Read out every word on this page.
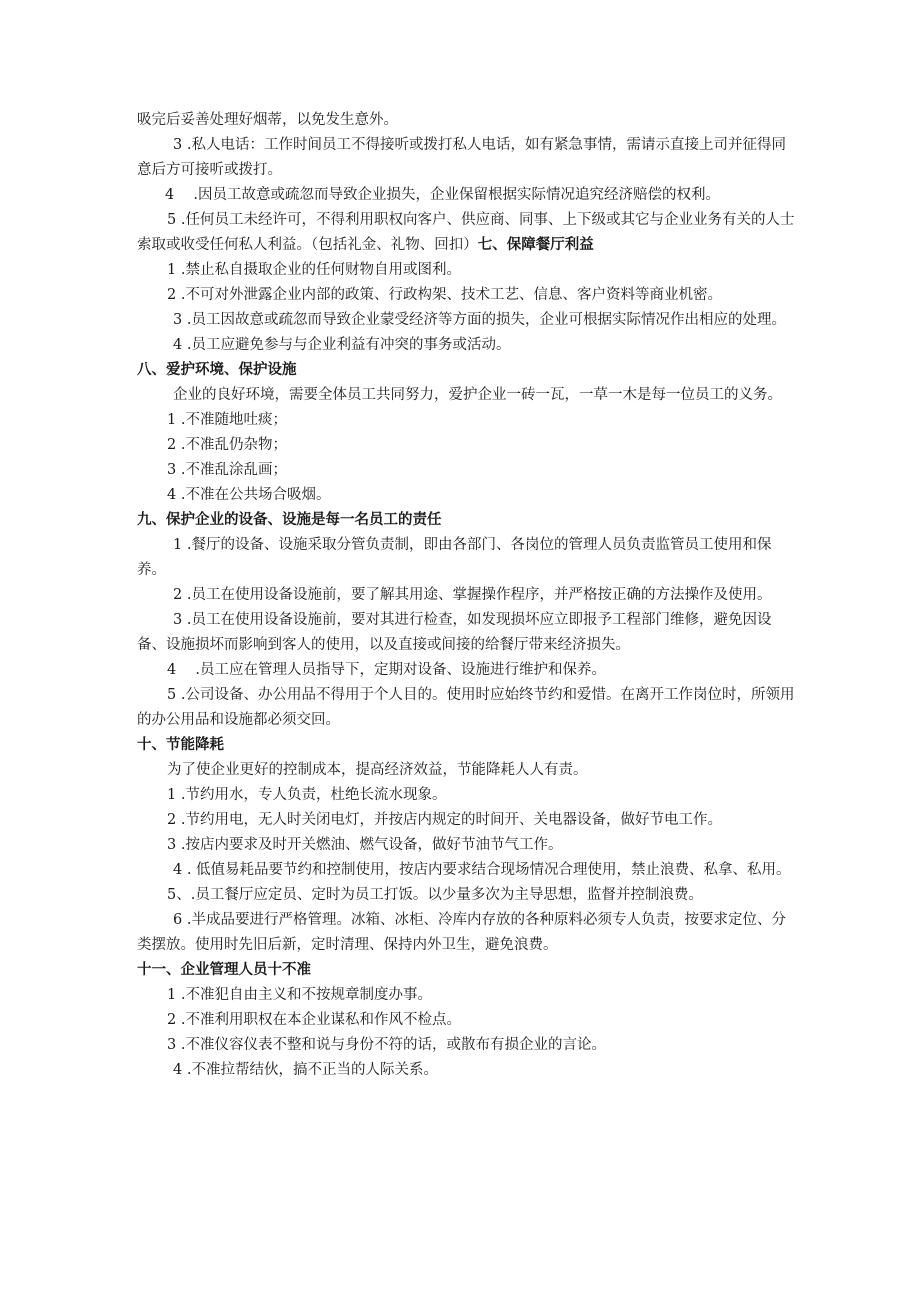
吸完后妥善处理好烟蒂，以免发生意外。

3 .私人电话：工作时间员工不得接听或拨打私人电话，如有紧急事情，需请示直接上司并征得同意后方可接听或拨打。

4 　.因员工故意或疏忽而导致企业损失，企业保留根据实际情况追究经济赔偿的权利。

5 .任何员工未经许可，不得利用职权向客户、供应商、同事、上下级或其它与企业业务有关的人士索取或收受任何私人利益。（包括礼金、礼物、回扣）七、保障餐厅利益

1 .禁止私自摄取企业的任何财物自用或图利。

2 .不可对外泄露企业内部的政策、行政构架、技术工艺、信息、客户资料等商业机密。

3 .员工因故意或疏忽而导致企业蒙受经济等方面的损失，企业可根据实际情况作出相应的处理。

4 .员工应避免参与与企业利益有冲突的事务或活动。

八、爱护环境、保护设施

企业的良好环境，需要全体员工共同努力，爱护企业一砖一瓦，一草一木是每一位员工的义务。

1 .不准随地吐痰；

2 .不准乱仍杂物；

3 .不准乱涂乱画；

4 .不准在公共场合吸烟。

九、保护企业的设备、设施是每一名员工的责任

1 .餐厅的设备、设施采取分管负责制，即由各部门、各岗位的管理人员负责监管员工使用和保养。

2 .员工在使用设备设施前，要了解其用途、掌握操作程序，并严格按正确的方法操作及使用。

3 .员工在使用设备设施前，要对其进行检查，如发现损坏应立即报予工程部门维修，避免因设备、设施损坏而影响到客人的使用，以及直接或间接的给餐厅带来经济损失。

4 　.员工应在管理人员指导下，定期对设备、设施进行维护和保养。

5 .公司设备、办公用品不得用于个人目的。使用时应始终节约和爱惜。在离开工作岗位时，所领用的办公用品和设施都必须交回。

十、节能降耗

为了使企业更好的控制成本，提高经济效益，节能降耗人人有责。

1 .节约用水，专人负责，杜绝长流水现象。

2 .节约用电，无人时关闭电灯，并按店内规定的时间开、关电器设备，做好节电工作。

3 .按店内要求及时开关燃油、燃气设备，做好节油节气工作。

4 . 低值易耗品要节约和控制使用，按店内要求结合现场情况合理使用，禁止浪费、私拿、私用。

5、.员工餐厅应定员、定时为员工打饭。以少量多次为主导思想，监督并控制浪费。

6 .半成品要进行严格管理。冰箱、冰柜、冷库内存放的各种原料必须专人负责，按要求定位、分类摆放。使用时先旧后新，定时清理、保持内外卫生，避免浪费。

十一、企业管理人员十不准

1 .不准犯自由主义和不按规章制度办事。

2 .不准利用职权在本企业谋私和作风不检点。

3 .不准仪容仪表不整和说与身份不符的话，或散布有损企业的言论。

4 .不准拉帮结伙，搞不正当的人际关系。
